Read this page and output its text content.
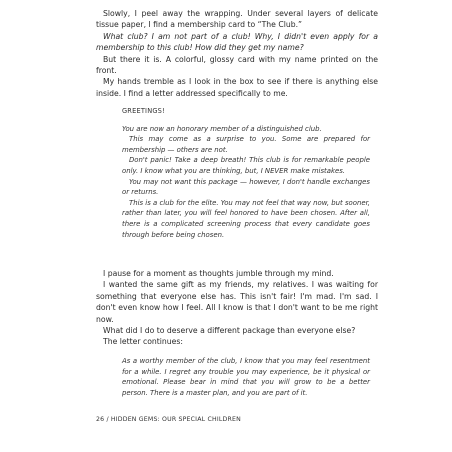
Slowly, I peel away the wrapping. Under several layers of delicate tissue paper, I find a membership card to “The Club.”

What club? I am not part of a club! Why, I didn't even apply for a membership to this club! How did they get my name?

But there it is. A colorful, glossy card with my name printed on the front.

My hands tremble as I look in the box to see if there is anything else inside. I find a letter addressed specifically to me.

GREETINGS!

You are now an honorary member of a distinguished club.

This may come as a surprise to you. Some are prepared for membership — others are not.

Don't panic! Take a deep breath! This club is for remarkable people only. I know what you are thinking, but, I NEVER make mistakes.

You may not want this package — however, I don't handle exchanges or returns.

This is a club for the elite. You may not feel that way now, but sooner, rather than later, you will feel honored to have been chosen. After all, there is a complicated screening process that every candidate goes through before being chosen.

I pause for a moment as thoughts jumble through my mind.

I wanted the same gift as my friends, my relatives. I was waiting for something that everyone else has. This isn't fair! I'm mad. I'm sad. I don't even know how I feel. All I know is that I don't want to be me right now.

What did I do to deserve a different package than everyone else?

The letter continues:

As a worthy member of the club, I know that you may feel resentment for a while. I regret any trouble you may experience, be it physical or emotional. Please bear in mind that you will grow to be a better person. There is a master plan, and you are part of it.

26 / HIDDEN GEMS: OUR SPECIAL CHILDREN
